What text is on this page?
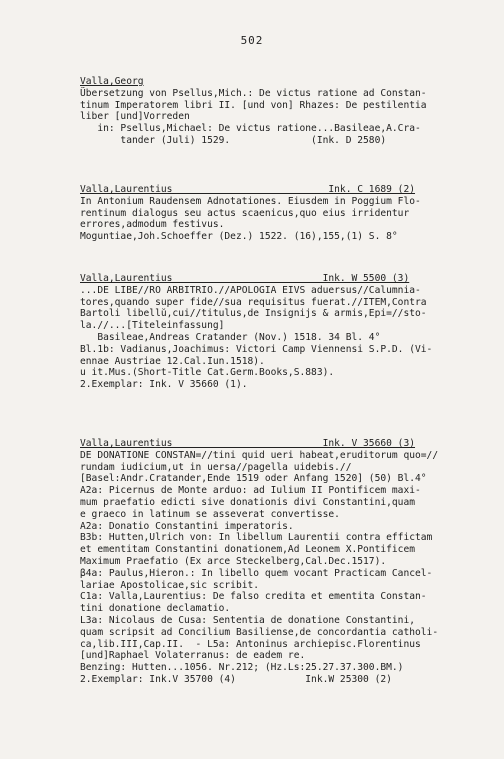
502
Valla,Georg
Übersetzung von Psellus,Mich.: De victus ratione ad Constan-
tinum Imperatorem libri II. [und von] Rhazes: De pestilentia
liber [und]Vorreden
in: Psellus,Michael: De victus ratione...Basileae,A.Cra-
tander (Juli) 1529.              (Ink. D 2580)
Valla,Laurentius                           Ink. C 1689 (2)
In Antonium Raudensem Adnotationes. Eiusdem in Poggium Flo-
rentinum dialogus seu actus scaenicus,quo eius irridentur
errores,admodum festivus.
Moguntiae,Joh.Schoeffer (Dez.) 1522. (16),155,(1) S. 8°
Valla,Laurentius                          Ink. W 5500 (3)
...DE LIBE//RO ARBITRIO.//APOLOGIA EIVS aduersus//Calumnia-
tores,quando super fide//sua requisitus fuerat.//ITEM,Contra
Bartoli libellŭ,cui//titulus,de Insignijs & armis,Epi=//sto-
la.//...[Titeleinfassung]
Basileae,Andreas Cratander (Nov.) 1518. 34 Bl. 4°
Bl.1b: Vadianus,Joachimus: Victori Camp Viennensi S.P.D. (Vi-
ennae Austriae 12.Cal.Iun.1518).
u it.Mus.(Short-Title Cat.Germ.Books,S.883).
2.Exemplar: Ink. V 35660 (1).
Valla,Laurentius                          Ink. V 35660 (3)
DE DONATIONE CONSTAN=//tini quid ueri habeat,eruditorum quo=//
rundam iudicium,ut in uersa//pagella uidebis.//
[Basel:Andr.Cratander,Ende 1519 oder Anfang 1520] (50) Bl.4°
A2a: Picernus de Monte arduo: ad Iulium II Pontificem maxi-
mum praefatio edicti sive donationis divi Constantini,quam
e graeco in latinum se asseverat convertisse.
A2a: Donatio Constantini imperatoris.
B3b: Hutten,Ulrich von: In libellum Laurentii contra effictam
et ementitam Constantini donationem,Ad Leonem X.Pontificem
Maximum Praefatio (Ex arce Steckelberg,Cal.Dec.1517).
β4a: Paulus,Hieron.: In libello quem vocant Practicam Cancel-
lariae Apostolicae,sic scribit.
C1a: Valla,Laurentius: De falso credita et ementita Constan-
tini donatione declamatio.
L3a: Nicolaus de Cusa: Sententia de donatione Constantini,
quam scripsit ad Concilium Basiliense,de concordantia catholi-
ca,lib.III,Cap.II.  - L5a: Antoninus archiepisc.Florentinus
[und]Raphael Volaterranus: de eadem re.
Benzing: Hutten...1056. Nr.212; (Hz.Ls:25.27.37.300.BM.)
2.Exemplar: Ink.V 35700 (4)            Ink.W 25300 (2)
